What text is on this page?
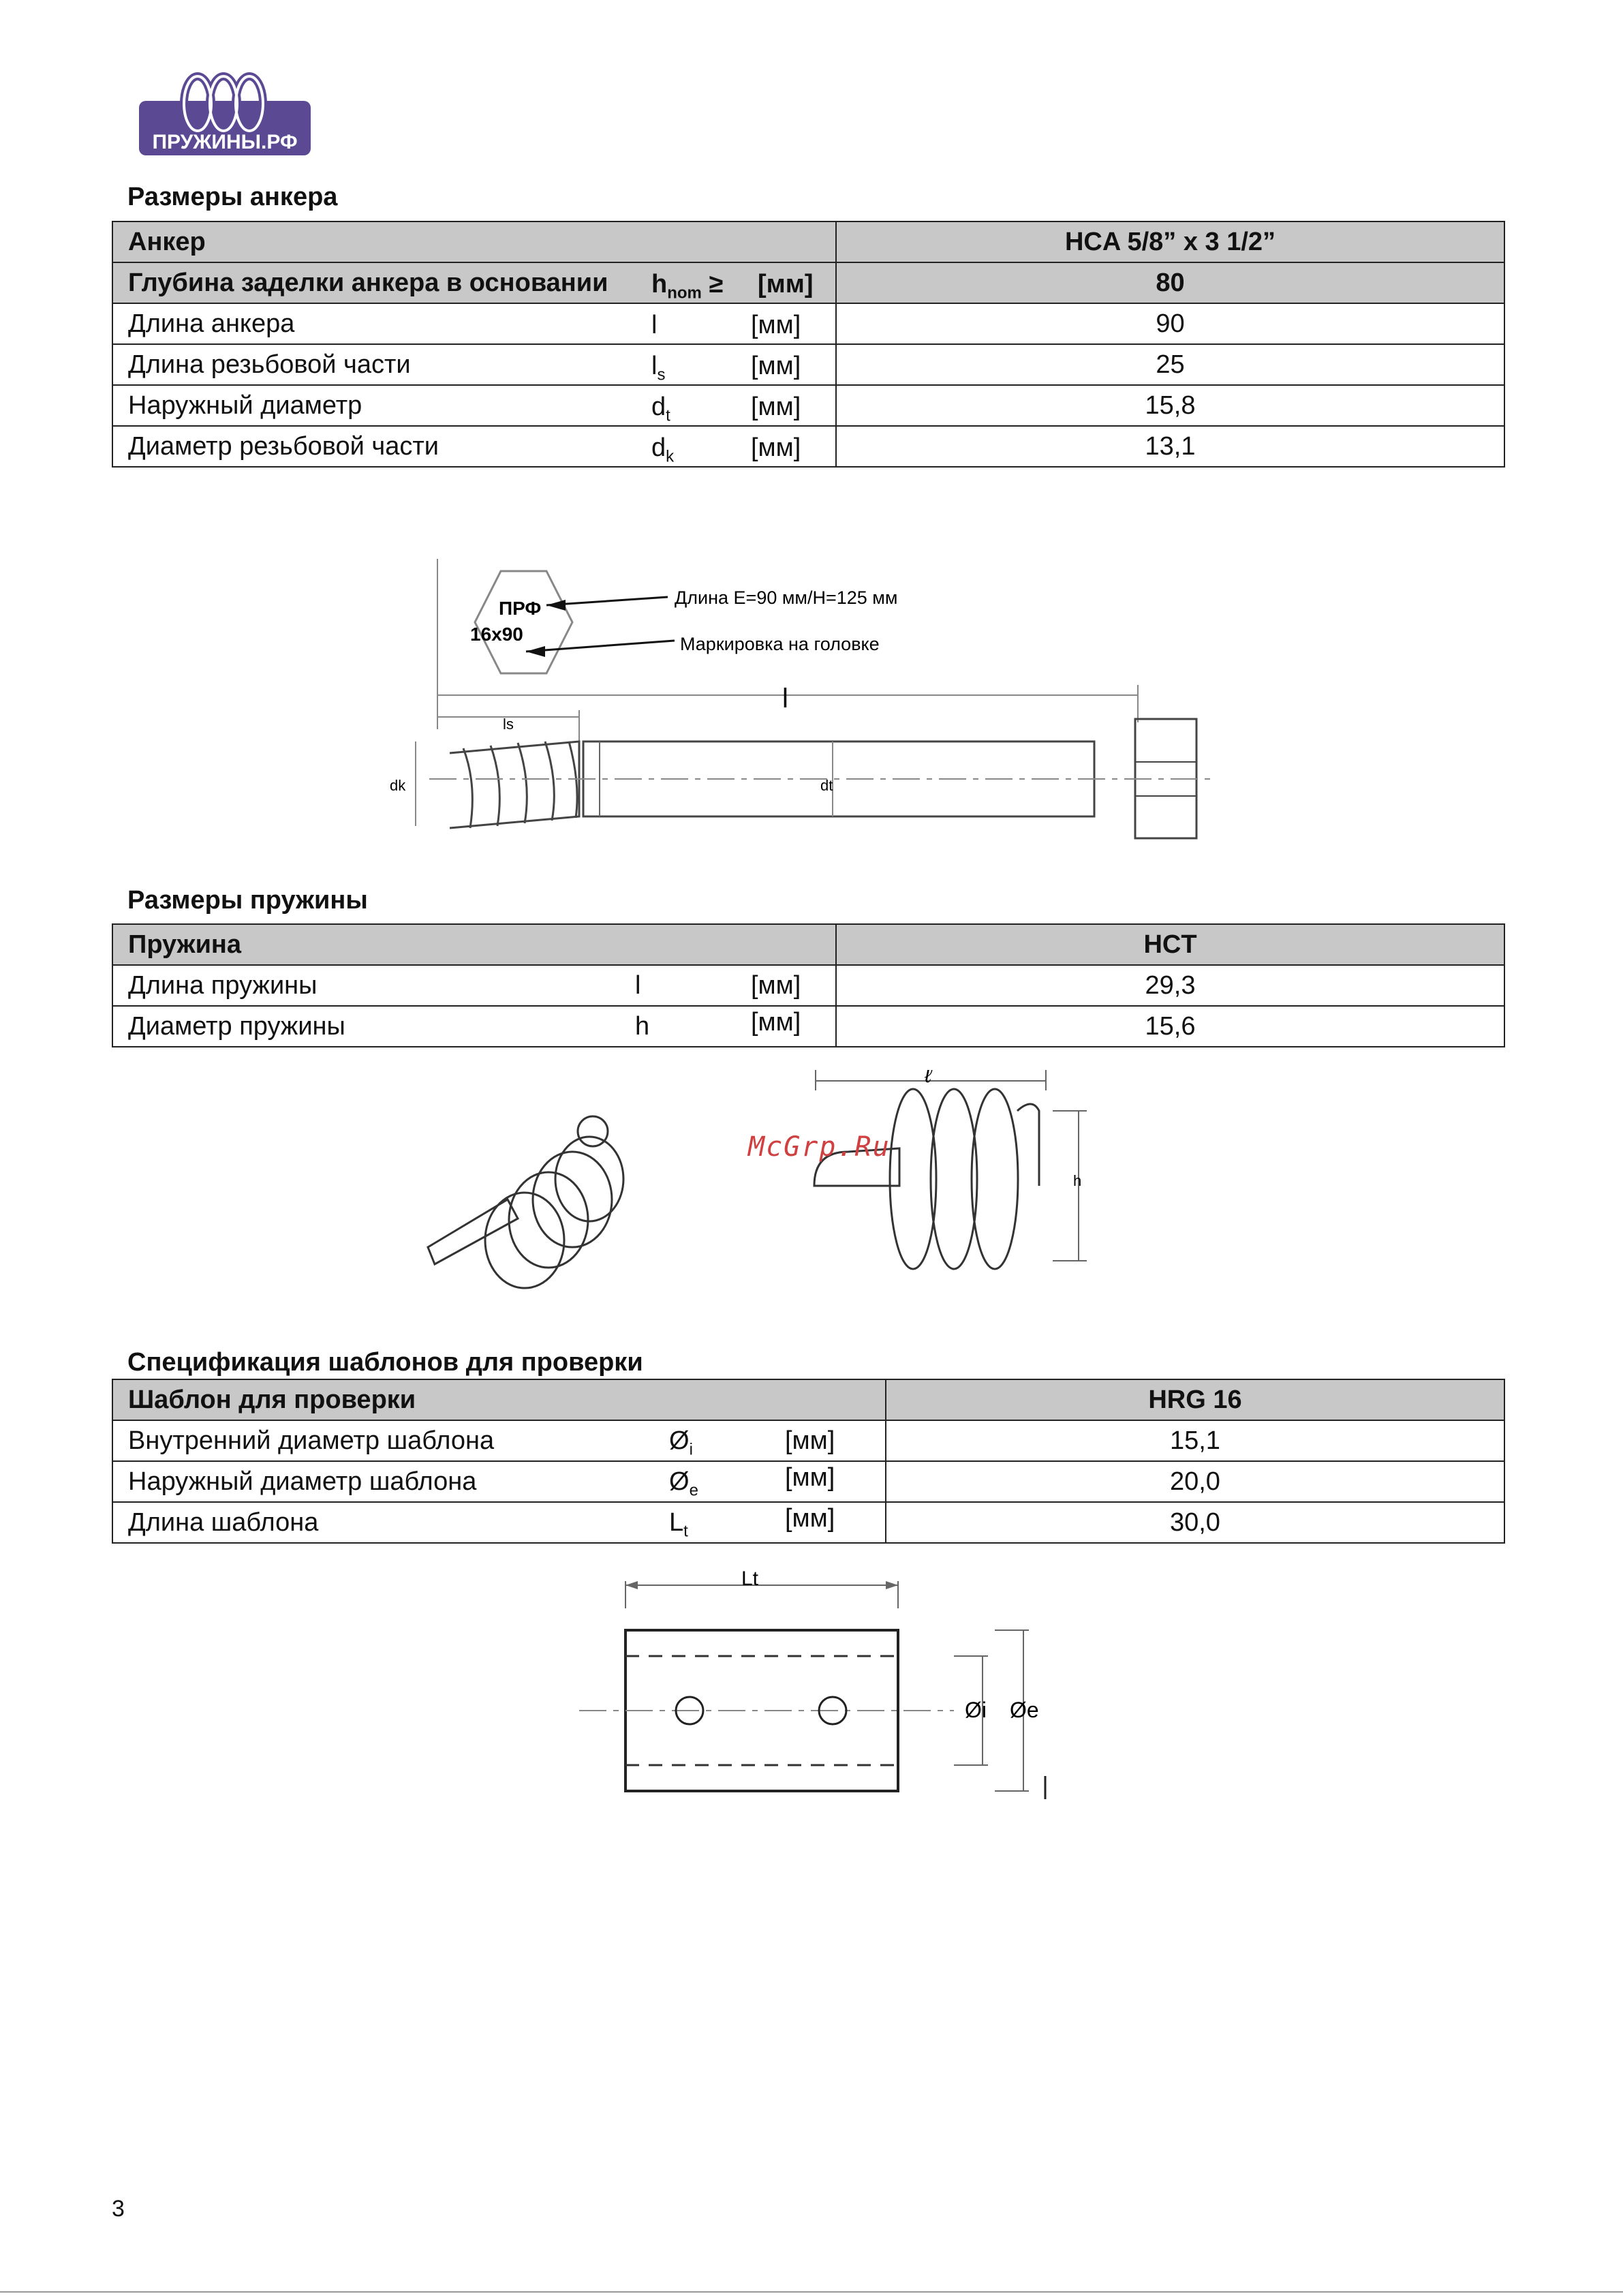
ПРУЖИНЫ.РФ
Размеры анкера
Анкер	HCA 5/8” x 3 1/2”
Глубина заделки анкера в основании $h_{nom} \ge [мм]$	80
Длина анкера l [мм]	90
Длина резьбовой части $l_s$ [мм]	25
Наружный диаметр $d_t$ [мм]	15,8
Диаметр резьбовой части $d_k$ [мм]	13,1
ПРФ
16x90
Длина E=90 мм/H=125 мм
Маркировка на головке
l
ls
dk	dt
Размеры пружины
Пружина	HCT
Длина пружины l [мм]	29,3
Диаметр пружины h [мм]	15,6
ℓ
h
McGrp.Ru
Спецификация шаблонов для проверки
Шаблон для проверки	HRG 16
Внутренний диаметр шаблона $Ø_i$ [мм]	15,1
Наружный диаметр шаблона $Ø_e$ [мм]	20,0
Длина шаблона $L_t$ [мм]	30,0
Lt
Øi Øe
3
